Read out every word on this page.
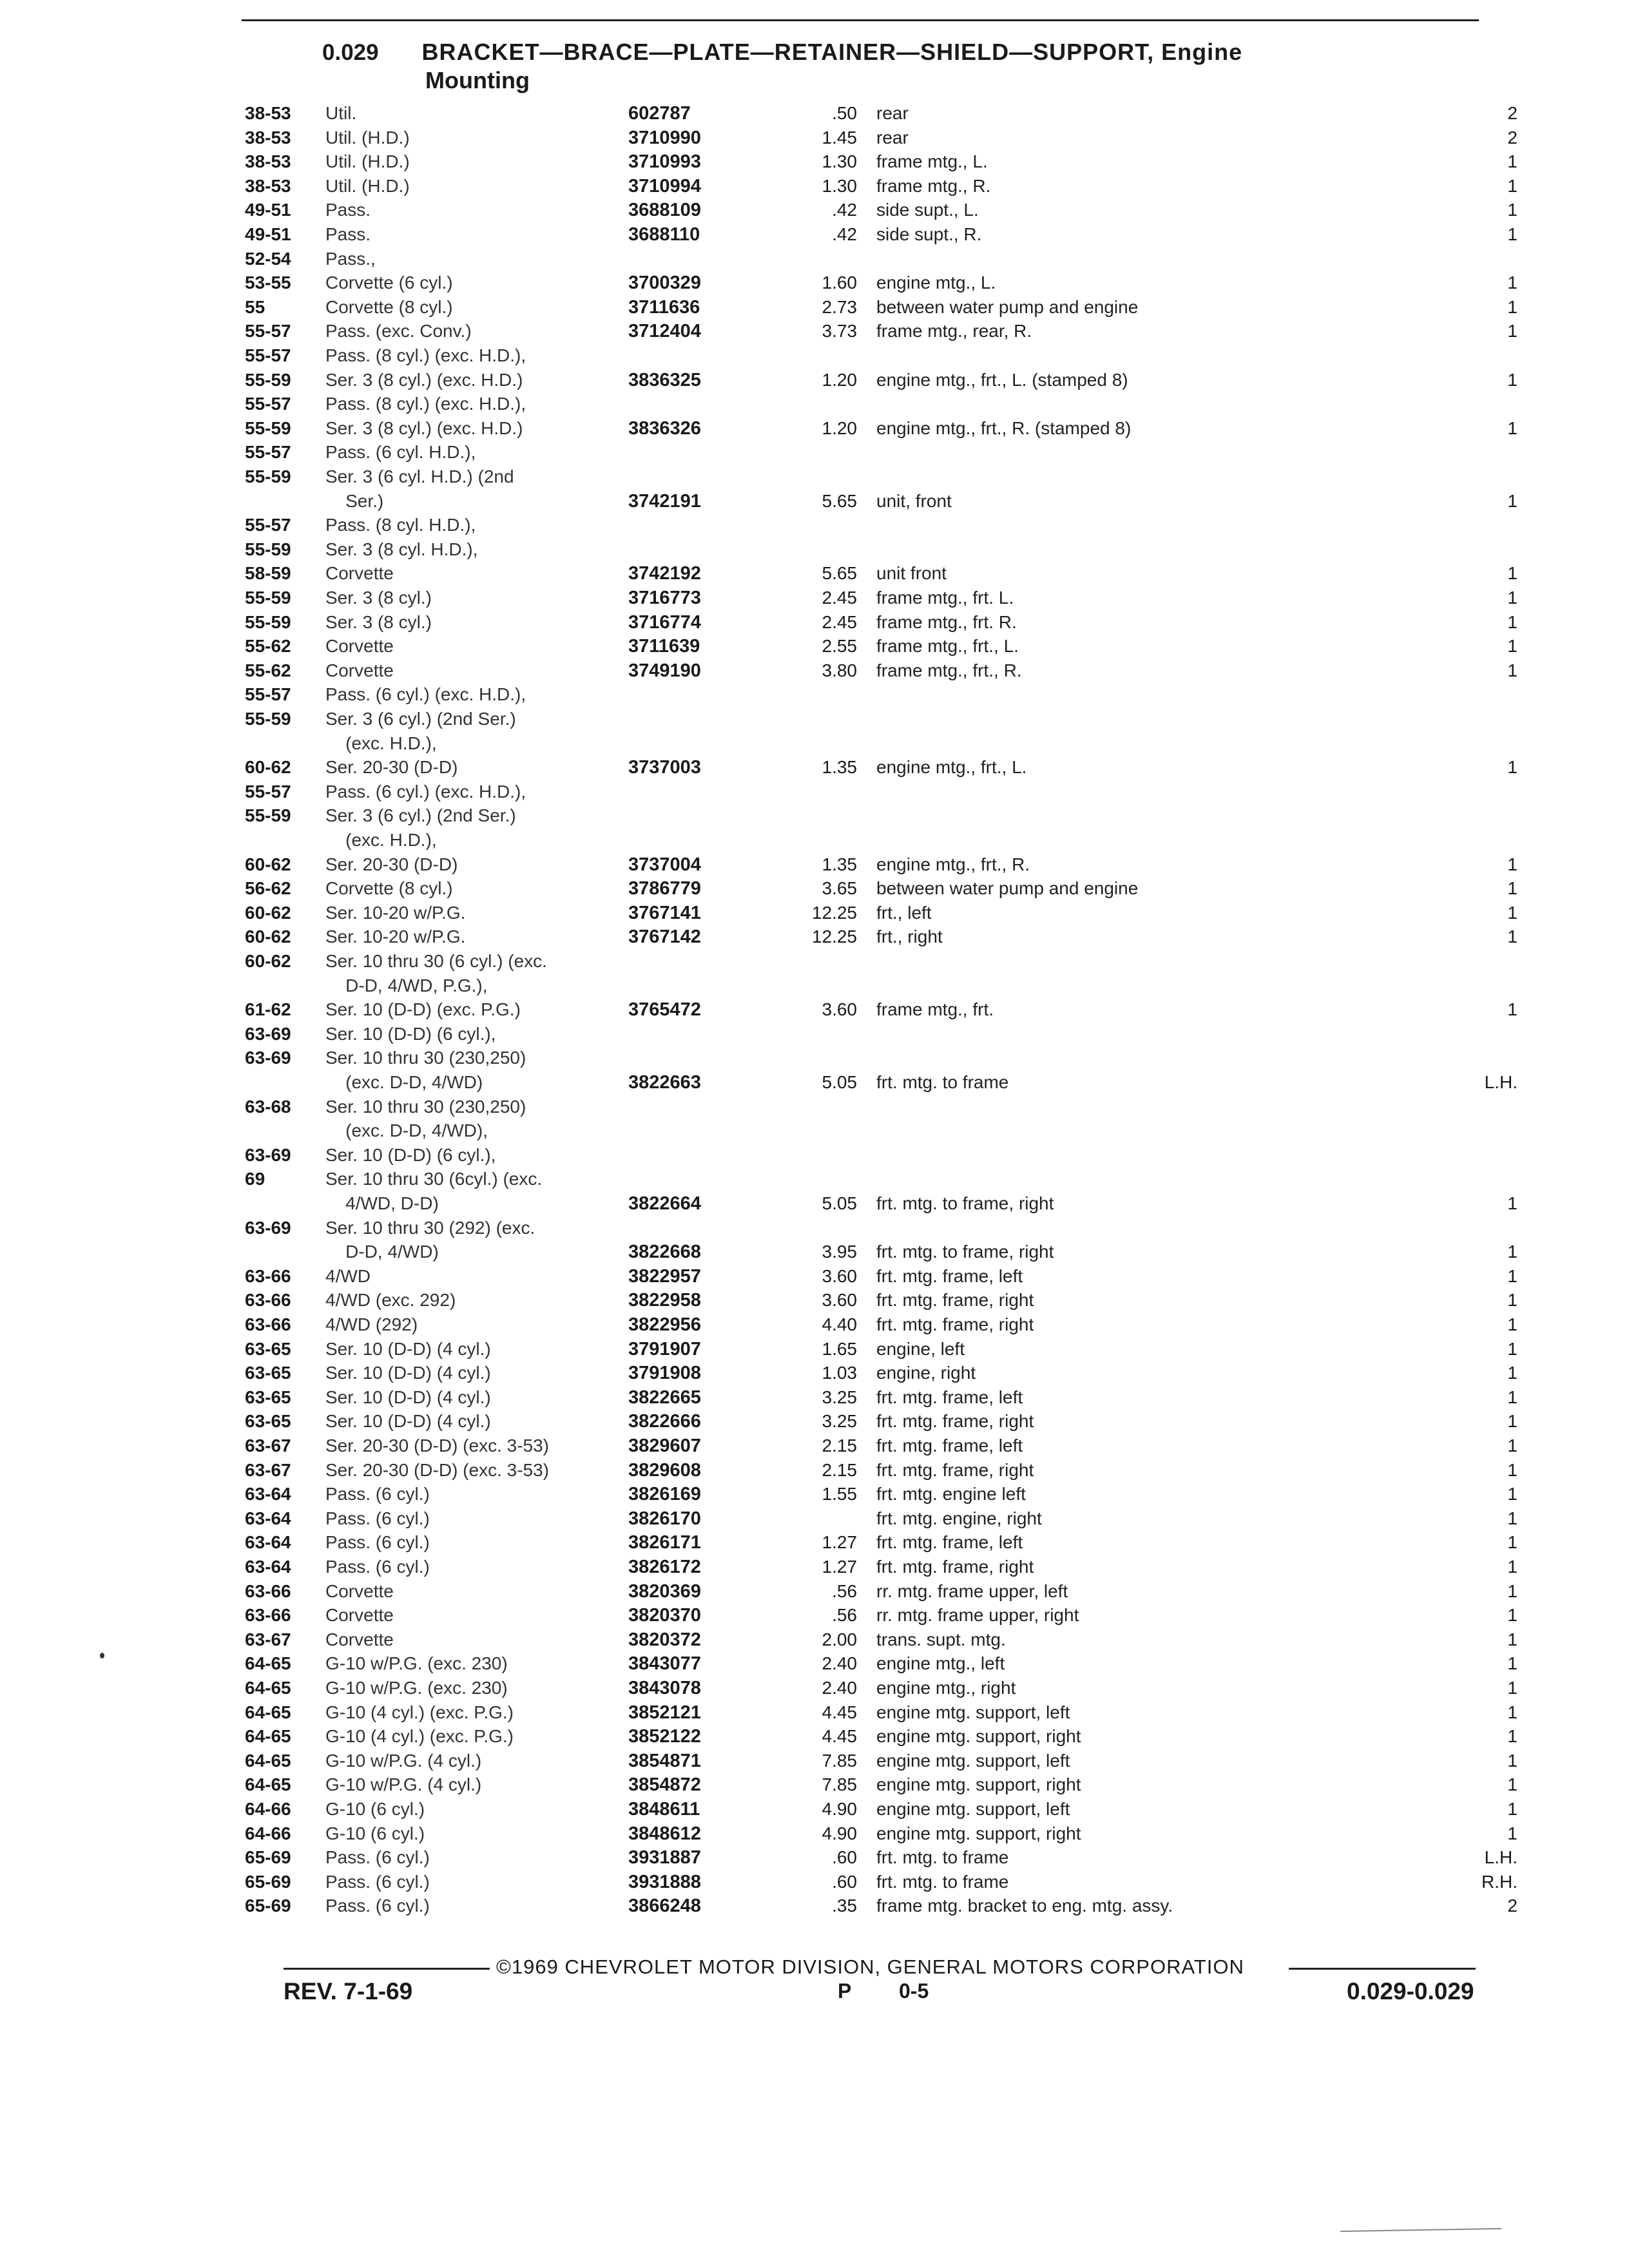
0.029 BRACKET—BRACE—PLATE—RETAINER—SHIELD—SUPPORT, Engine
Mounting
38-53 Util.	602787	.50 rear	2
38-53 Util. (H.D.)	3710990	1.45 rear	2
38-53 Util. (H.D.)	3710993	1.30 frame mtg., L.	1
38-53 Util. (H.D.)	3710994	1.30 frame mtg., R.	1
49-51 Pass.	3688109	.42 side supt., L.	1
49-51 Pass.	3688110	.42 side supt., R.	1
52-54 Pass.,
53-55 Corvette (6 cyl.)	3700329	1.60 engine mtg., L.	1
55	Corvette (8 cyl.)	3711636	2.73 between water pump and engine	1
55-57 Pass. (exc. Conv.)	3712404	3.73 frame mtg., rear, R.	1
55-57 Pass. (8 cyl.) (exc. H.D.),
55-59 Ser. 3 (8 cyl.) (exc. H.D.)	3836325	1.20 engine mtg., frt., L. (stamped 8)	1
55-57 Pass. (8 cyl.) (exc. H.D.),
55-59 Ser. 3 (8 cyl.) (exc. H.D.)	3836326	1.20 engine mtg., frt., R. (stamped 8)	1
55-57 Pass. (6 cyl. H.D.),
55-59 Ser. 3 (6 cyl. H.D.) (2nd
Ser.)	3742191	5.65 unit, front	1
55-57 Pass. (8 cyl. H.D.),
55-59 Ser. 3 (8 cyl. H.D.),
58-59 Corvette	3742192	5.65 unit front	1
55-59 Ser. 3 (8 cyl.)	3716773	2.45 frame mtg., frt. L.	1
55-59 Ser. 3 (8 cyl.)	3716774	2.45 frame mtg., frt. R.	1
55-62 Corvette	3711639	2.55 frame mtg., frt., L.	1
55-62 Corvette	3749190	3.80 frame mtg., frt., R.	1
55-57 Pass. (6 cyl.) (exc. H.D.),
55-59 Ser. 3 (6 cyl.) (2nd Ser.)
(exc. H.D.),
60-62 Ser. 20-30 (D-D)	3737003	1.35 engine mtg., frt., L.	1
55-57 Pass. (6 cyl.) (exc. H.D.),
55-59 Ser. 3 (6 cyl.) (2nd Ser.)
(exc. H.D.),
60-62 Ser. 20-30 (D-D)	3737004	1.35 engine mtg., frt., R.	1
56-62 Corvette (8 cyl.)	3786779	3.65 between water pump and engine	1
60-62 Ser. 10-20 w/P.G.	3767141	12.25 frt., left	1
60-62 Ser. 10-20 w/P.G.	3767142	12.25 frt., right	1
60-62 Ser. 10 thru 30 (6 cyl.) (exc.
D-D, 4/WD, P.G.),
61-62 Ser. 10 (D-D) (exc. P.G.)	3765472	3.60 frame mtg., frt.	1
63-69 Ser. 10 (D-D) (6 cyl.),
63-69 Ser. 10 thru 30 (230,250)
(exc. D-D, 4/WD)	3822663	5.05 frt. mtg. to frame	L.H.
63-68 Ser. 10 thru 30 (230,250)
(exc. D-D, 4/WD),
63-69 Ser. 10 (D-D) (6 cyl.),
69	Ser. 10 thru 30 (6cyl.) (exc.
4/WD, D-D)	3822664	5.05 frt. mtg. to frame, right	1
63-69 Ser. 10 thru 30 (292) (exc.
D-D, 4/WD)	3822668	3.95 frt. mtg. to frame, right	1
63-66 4/WD	3822957	3.60 frt. mtg. frame, left	1
63-66 4/WD (exc. 292)	3822958	3.60 frt. mtg. frame, right	1
63-66 4/WD (292)	3822956	4.40 frt. mtg. frame, right	1
63-65 Ser. 10 (D-D) (4 cyl.)	3791907	1.65 engine, left	1
63-65 Ser. 10 (D-D) (4 cyl.)	3791908	1.03 engine, right	1
63-65 Ser. 10 (D-D) (4 cyl.)	3822665	3.25 frt. mtg. frame, left	1
63-65 Ser. 10 (D-D) (4 cyl.)	3822666	3.25 frt. mtg. frame, right	1
63-67 Ser. 20-30 (D-D) (exc. 3-53)	3829607	2.15 frt. mtg. frame, left	1
63-67 Ser. 20-30 (D-D) (exc. 3-53)	3829608	2.15 frt. mtg. frame, right	1
63-64 Pass. (6 cyl.)	3826169	1.55 frt. mtg. engine left	1
63-64 Pass. (6 cyl.)	3826170	frt. mtg. engine, right	1
63-64 Pass. (6 cyl.)	3826171	1.27 frt. mtg. frame, left	1
63-64 Pass. (6 cyl.)	3826172	1.27 frt. mtg. frame, right	1
63-66 Corvette	3820369	.56 rr. mtg. frame upper, left	1
63-66 Corvette	3820370	.56 rr. mtg. frame upper, right	1
63-67 Corvette	3820372	2.00 trans. supt. mtg.	1
64-65 G-10 w/P.G. (exc. 230)	3843077	2.40 engine mtg., left	1
64-65 G-10 w/P.G. (exc. 230)	3843078	2.40 engine mtg., right	1
64-65 G-10 (4 cyl.) (exc. P.G.)	3852121	4.45 engine mtg. support, left	1
64-65 G-10 (4 cyl.) (exc. P.G.)	3852122	4.45 engine mtg. support, right	1
64-65 G-10 w/P.G. (4 cyl.)	3854871	7.85 engine mtg. support, left	1
64-65 G-10 w/P.G. (4 cyl.)	3854872	7.85 engine mtg. support, right	1
64-66 G-10 (6 cyl.)	3848611	4.90 engine mtg. support, left	1
64-66 G-10 (6 cyl.)	3848612	4.90 engine mtg. support, right	1
65-69 Pass. (6 cyl.)	3931887	.60 frt. mtg. to frame	L.H.
65-69 Pass. (6 cyl.)	3931888	.60 frt. mtg. to frame	R.H.
65-69 Pass. (6 cyl.)	3866248	.35 frame mtg. bracket to eng. mtg. assy.	2
©1969 CHEVROLET MOTOR DIVISION, GENERAL MOTORS CORPORATION
REV. 7-1-69	P 0-5	0.029-0.029
